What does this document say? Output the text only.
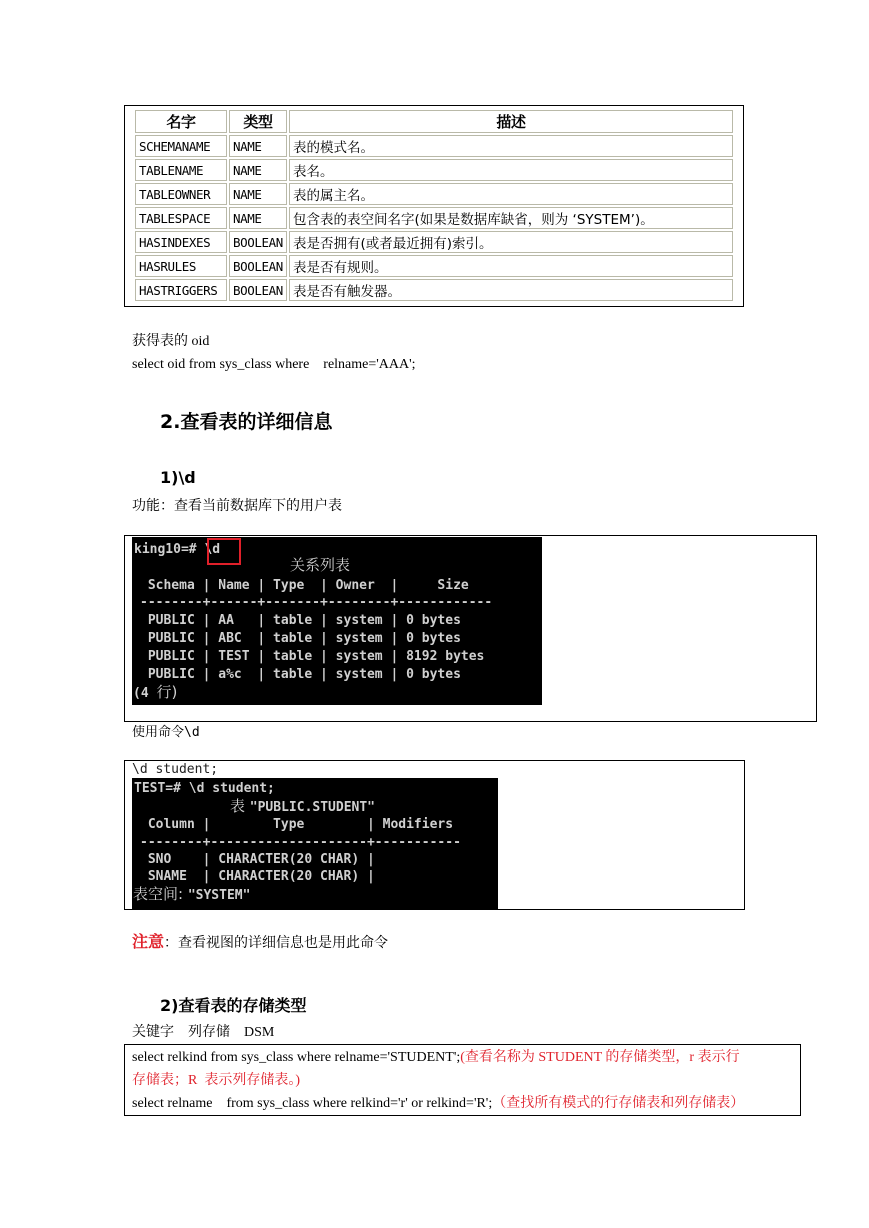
名字	类型	描述
SCHEMANAME	NAME	表的模式名。
TABLENAME	NAME	表名。
TABLEOWNER	NAME	表的属主名。
TABLESPACE	NAME	包含表的表空间名字(如果是数据库缺省，则为 ‘SYSTEM’)。
HASINDEXES	BOOLEAN	表是否拥有(或者最近拥有)索引。
HASRULES	BOOLEAN	表是否有规则。
HASTRIGGERS	BOOLEAN	表是否有触发器。
获得表的 oid
select oid from sys_class where    relname='AAA';
2.查看表的详细信息
1)\d
功能：查看当前数据库下的用户表

king10=# \d

关系列表

Schema | Name | Type  | Owner  |     Size

--------+------+-------+--------+------------

PUBLIC | AA   | table | system | 0 bytes

PUBLIC | ABC  | table | system | 0 bytes

PUBLIC | TEST | table | system | 8192 bytes

PUBLIC | a%c  | table | system | 0 bytes

(4 行)

使用命令\d
\d student;

TEST=# \d student;

表 "PUBLIC.STUDENT"

Column |        Type        | Modifiers

--------+--------------------+-----------

SNO    | CHARACTER(20 CHAR) |

SNAME  | CHARACTER(20 CHAR) |

表空间: "SYSTEM"

注意：查看视图的详细信息也是用此命令
2)查看表的存储类型
关键字    列存储    DSM
select relkind from sys_class where relname='STUDENT';(查看名称为 STUDENT 的存储类型，r 表示行
存储表；R  表示列存储表。)
select relname    from sys_class where relkind='r' or relkind='R';（查找所有模式的行存储表和列存储表）
